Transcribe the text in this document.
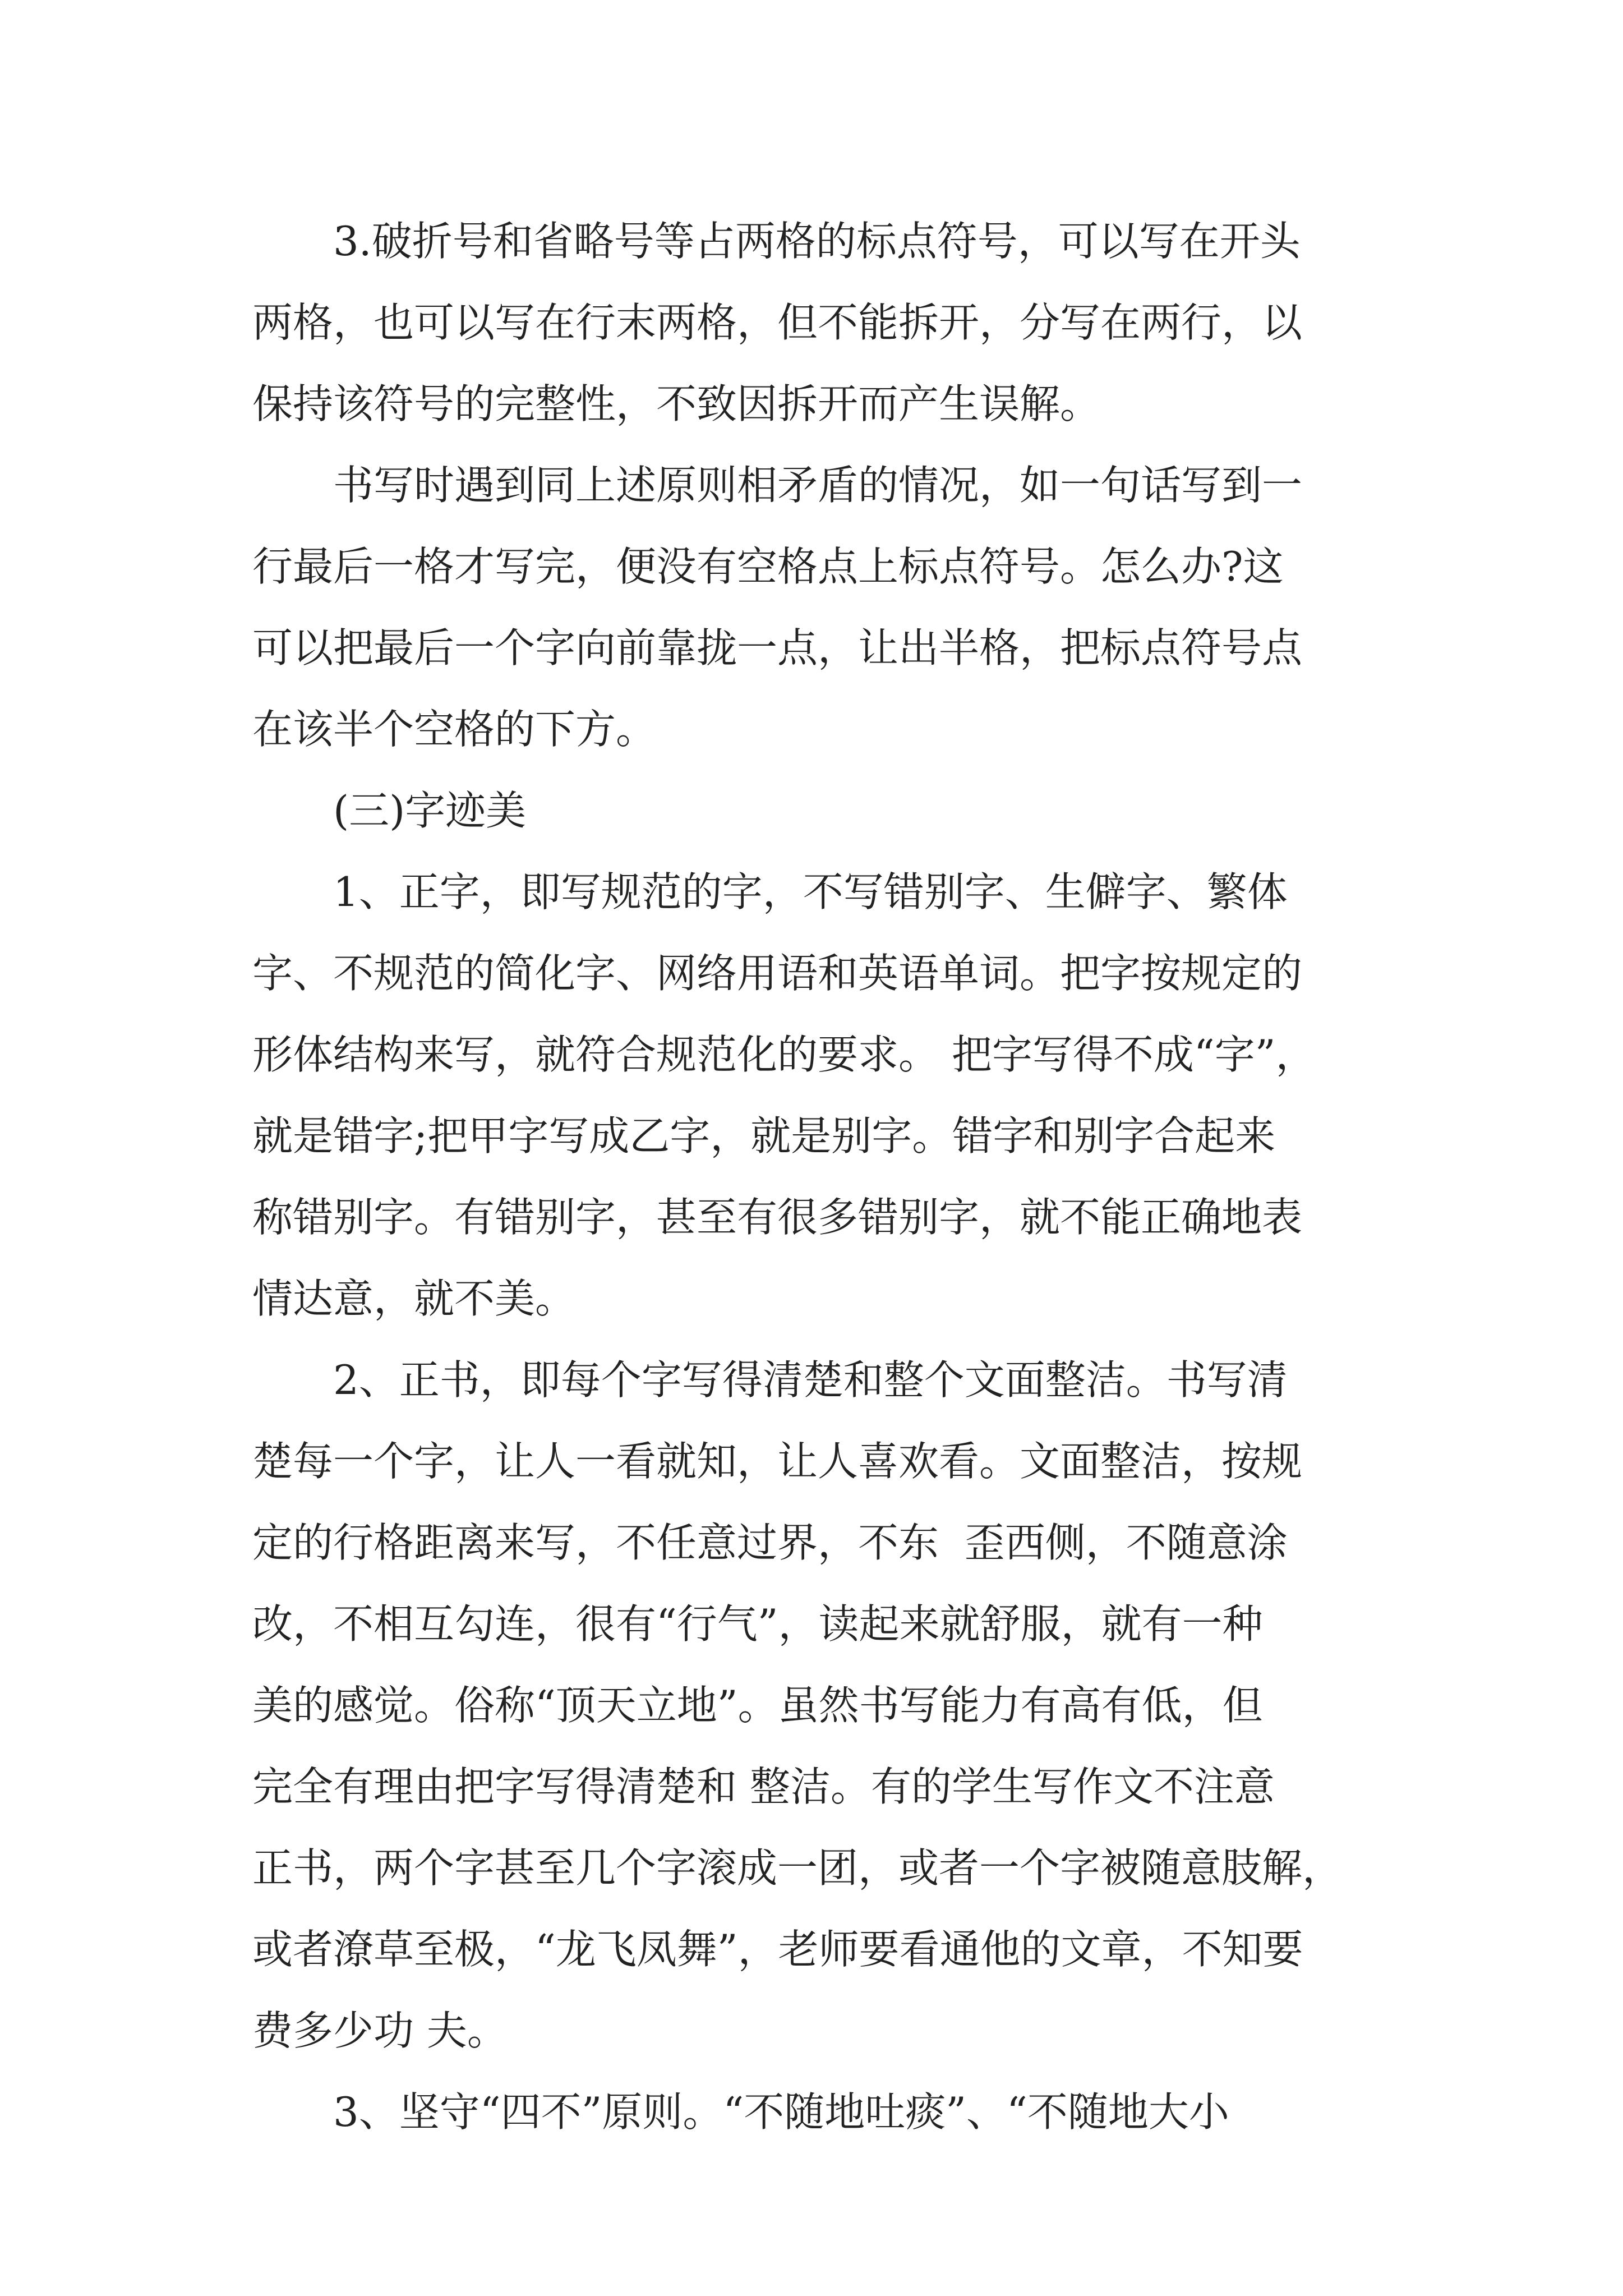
3.破折号和省略号等占两格的标点符号，可以写在开头
两格，也可以写在行末两格，但不能拆开，分写在两行，以
保持该符号的完整性，不致因拆开而产生误解。
书写时遇到同上述原则相矛盾的情况，如一句话写到一
行最后一格才写完，便没有空格点上标点符号。怎么办?这
可以把最后一个字向前靠拢一点，让出半格，把标点符号点
在该半个空格的下方。
(三)字迹美
1、正字，即写规范的字，不写错别字、生僻字、繁体
字、不规范的简化字、网络用语和英语单词。把字按规定的
形体结构来写，就符合规范化的要求。 把字写得不成“字”，
就是错字;把甲字写成乙字，就是别字。错字和别字合起来
称错别字。有错别字，甚至有很多错别字，就不能正确地表
情达意，就不美。
2、正书，即每个字写得清楚和整个文面整洁。书写清
楚每一个字，让人一看就知，让人喜欢看。文面整洁，按规
定的行格距离来写，不任意过界，不东  歪西侧，不随意涂
改，不相互勾连，很有“行气”，读起来就舒服，就有一种
美的感觉。俗称“顶天立地”。虽然书写能力有高有低，但
完全有理由把字写得清楚和 整洁。有的学生写作文不注意
正书，两个字甚至几个字滚成一团，或者一个字被随意肢解，
或者潦草至极，“龙飞凤舞”，老师要看通他的文章，不知要
费多少功 夫。
3、坚守“四不”原则。“不随地吐痰”、“不随地大小
